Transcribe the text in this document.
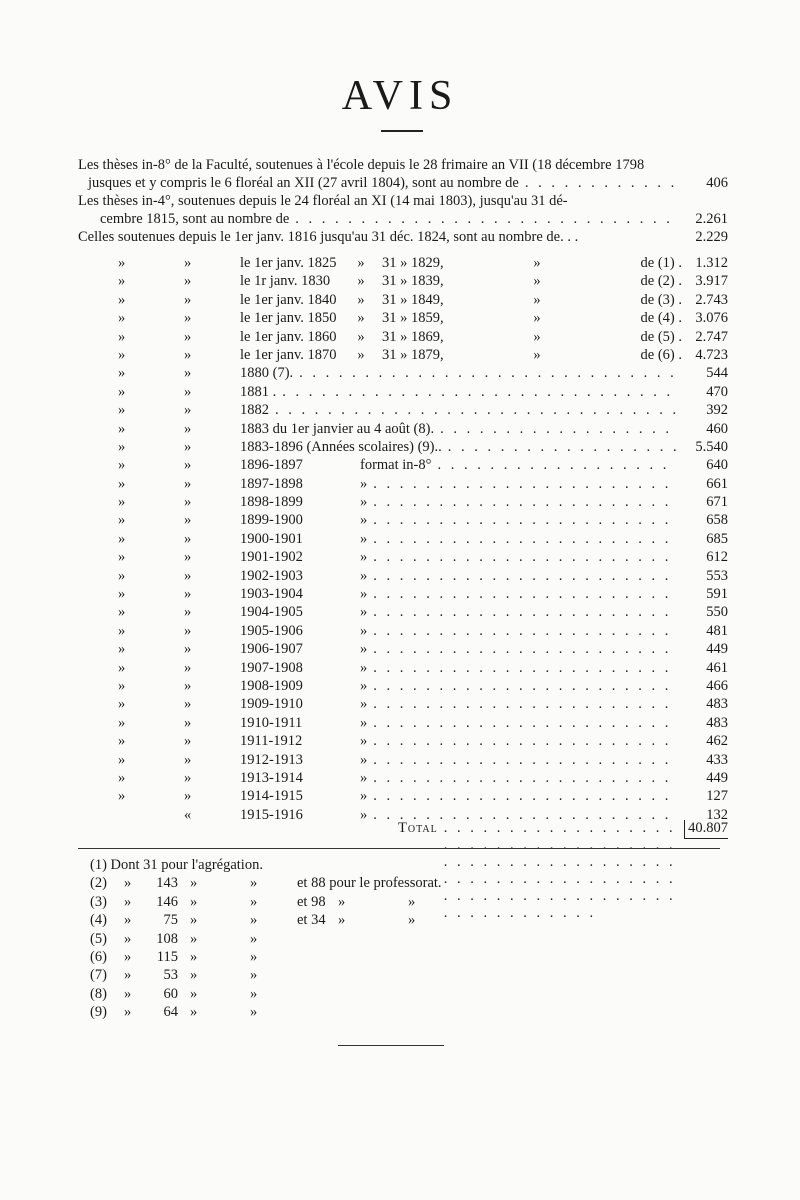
AVIS
Les thèses in-8° de la Faculté, soutenues à l'école depuis le 28 frimaire an VII (18 décembre 1798
jusques et y compris le 6 floréal an XII (27 avril 1804), sont au nombre de . . .	406
Les thèses in-4°, soutenues depuis le 24 floréal an XI (14 mai 1803), jusqu'au 31 dé-
cembre 1815, sont au nombre de . . .	2.261
Celles soutenues depuis le 1er janv. 1816 jusqu'au 31 déc. 1824, sont au nombre de. . .	2.229
»	»	le 1er janv. 1825	»	31 » 1829,	»	de (1) . 1.312
»	»	le 1r janv. 1830	»	31 » 1839,	»	de (2) . 3.917
»	»	le 1er janv. 1840	»	31 » 1849,	»	de (3) . 2.743
»	»	le 1er janv. 1850	»	31 » 1859,	»	de (4) . 3.076
»	»	le 1er janv. 1860	»	31 » 1869,	»	de (5) . 2.747
»	»	le 1er janv. 1870	»	31 » 1879,	»	de (6) . 4.723
»	»	1880 (7). . . .	544
»	»	1881 . . . .	470
»	»	1882 . . .	392
»	»	1883 du 1er janvier au 4 août (8). . . .	460
»	»	1883-1896 (Années scolaires) (9).. . . .	5.540
»	»	1896-1897	format in-8° . . .	640
»	»	1897-1898	» . . .	661
»	»	1898-1899	» . . .	671
»	»	1899-1900	» . . .	658
»	»	1900-1901	» . . .	685
»	»	1901-1902	» . . .	612
»	»	1902-1903	» . . .	553
»	»	1903-1904	» . . .	591
»	»	1904-1905	» . . .	550
»	»	1905-1906	» . . .	481
»	»	1906-1907	» . . .	449
»	»	1907-1908	» . . .	461
»	»	1908-1909	» . . .	466
»	»	1909-1910	» . . .	483
»	»	1910-1911	» . . .	483
»	»	1911-1912	» . . .	462
»	»	1912-1913	» . . .	433
»	»	1913-1914	» . . .	449
»	»	1914-1915	» . . .	127
«	1915-1916	» . . .	132
Total . . .	40.807
(1) Dont 31 pour l'agrégation.
(2) »	143 »	»	et 88 pour le professorat.
(3) »	146 »	»	et 98 »	»
(4) »	75 »	»	et 34 »	»
(5) »	108 »	»
(6) »	115 »	»
(7) »	53 »	»
(8) »	60 »	»
(9) »	64 »	»
